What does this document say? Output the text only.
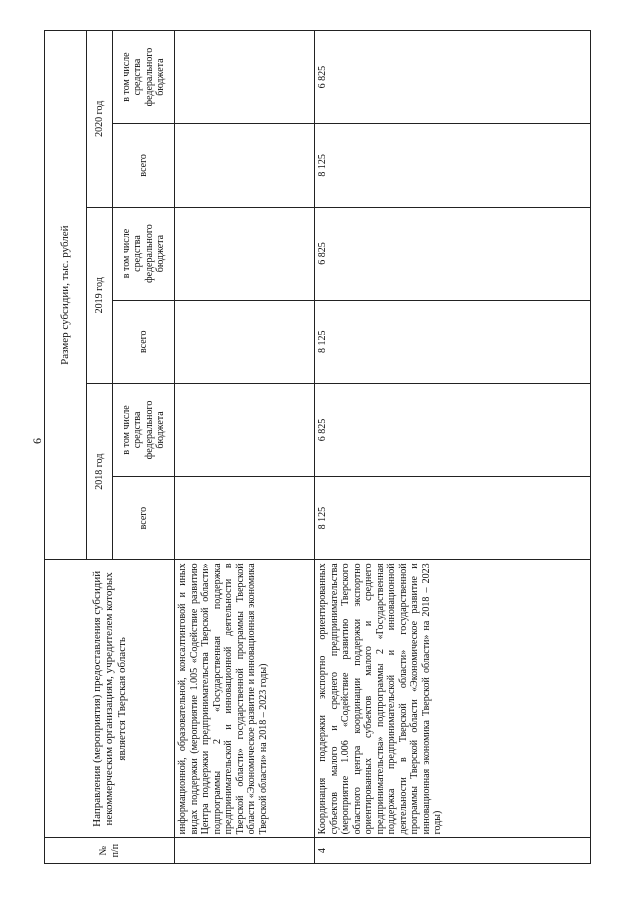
6
№ п/п	Направления (мероприятия) предоставления субсидий некоммерческим организациям, учредителем которых является Тверская область	Размер субсидии, тыс. рублей					
		2018 год		2019 год		2020 год	
		всего	в том числе средства федерального бюджета	всего	в том числе средства федерального бюджета	всего	в том числе средства федерального бюджета
	информационной, образовательной, консалтинговой и иных видах поддержки (мероприятие 1.005 «Содействие развитию Центра поддержки предпринимательства Тверской области» подпрограммы 2 «Государственная поддержка предпринимательской и инновационной деятельности в Тверской области» государственной программы Тверской области «Экономическое развитие и инновационная экономика Тверской области» на 2018 – 2023 годы)						
4	Координация поддержки экспортно ориентированных субъектов малого и среднего предпринимательства (мероприятие 1.006 «Содействие развитию Тверского областного центра координации поддержки экспортно ориентированных субъектов малого и среднего предпринимательства» подпрограммы 2 «Государственная поддержка предпринимательской и инновационной деятельности в Тверской области» государственной программы Тверской области «Экономическое развитие и инновационная экономика Тверской области» на 2018 – 2023 годы)	8 125	6 825	8 125	6 825	8 125	6 825
